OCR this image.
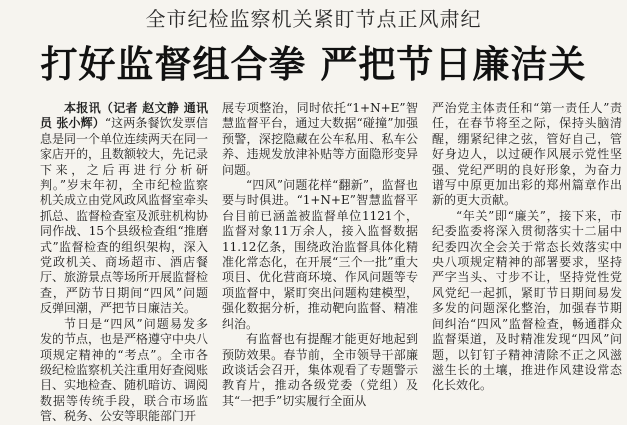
全市纪检监察机关紧盯节点正风肃纪
打好监督组合拳 严把节日廉洁关

本报讯（记者 赵文静 通讯员 张小辉）“这两条餐饮发票信息是同一个单位连续两天在同一家店开的，且数额较大，先记录下来，之后再进行分析研判。”岁末年初，全市纪检监察机关成立由党风政风监督室牵头抓总、监督检查室及派驻机构协同作战、15个县级检查组“推磨式”监督检查的组织架构，深入党政机关、商场超市、酒店餐厅、旅游景点等场所开展监督检查，严防节日期间“四风”问题反弹回潮，严把节日廉洁关。

节日是“四风”问题易发多发的节点，也是严格遵守中央八项规定精神的“考点”。全市各级纪检监察机关注重用好查阅账目、实地检查、随机暗访、调阅数据等传统手段，联合市场监管、税务、公安等职能部门开

展专项整治，同时依托“1+N+E”智慧监督平台，通过大数据“碰撞”加强预警，深挖隐藏在公车私用、私车公养、违规发放津补贴等方面隐形变异问题。

“四风”问题花样“翻新”，监督也要与时俱进。“1+N+E”智慧监督平台目前已涵盖被监督单位1121个，监督对象11万余人，接入监督数据11.12亿条，围绕政治监督具体化精准化常态化，在开展“三个一批”重大项目、优化营商环境、作风问题等专项监督中，紧盯突出问题构建模型，强化数据分析，推动靶向监督、精准纠治。

有监督也有提醒才能更好地起到预防效果。春节前，全市领导干部廉政谈话会召开，集体观看了专题警示教育片，推动各级党委（党组）及其“一把手”切实履行全面从

严治党主体责任和“第一责任人”责任，在春节将至之际，保持头脑清醒，绷紧纪律之弦，管好自己，管好身边人，以过硬作风展示党性坚强、党纪严明的良好形象，为奋力谱写中原更加出彩的郑州篇章作出新的更大贡献。

“年关”即“廉关”，接下来，市纪委监委将深入贯彻落实十二届中纪委四次全会关于常态长效落实中央八项规定精神的部署要求，坚持严字当头、寸步不让，坚持党性党风党纪一起抓，紧盯节日期间易发多发的问题深化整治，加强春节期间纠治“四风”监督检查，畅通群众监督渠道，及时精准发现“四风”问题，以钉钉子精神清除不正之风滋滋生长的土壤，推进作风建设常态化长效化。
